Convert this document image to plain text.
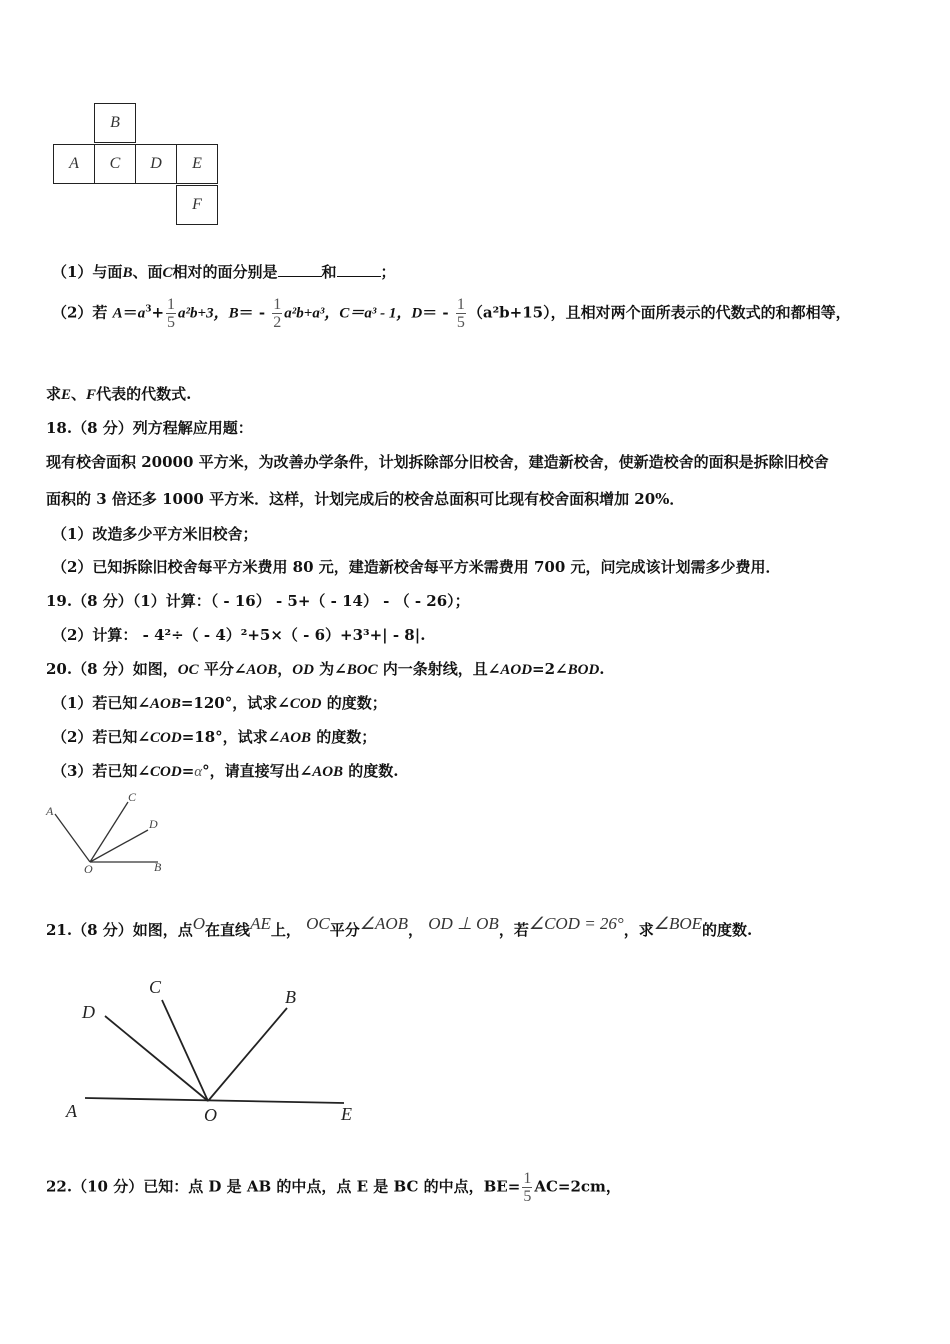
B
A	C	D	E
F
（1）与面B、面C相对的面分别是	和	；
（2）若 $A=a^3+ \frac{1}{5} a^2b+3$，$B= - \frac{1}{2} a^2b+a^3$，C＝a³ - 1，$D= - \frac{1}{5} (a^2b+15)$，且相对两个面所表示的代数式的和都相等，
求E、F代表的代数式.
18.（8 分）列方程解应用题：
现有校舍面积 20000 平方米，为改善办学条件，计划拆除部分旧校舍，建造新校舍，使新造校舍的面积是拆除旧校舍
面积的 3 倍还多 1000 平方米．这样，计划完成后的校舍总面积可比现有校舍面积增加 20%．
（1）改造多少平方米旧校舍；
（2）已知拆除旧校舍每平方米费用 80 元，建造新校舍每平方米需费用 700 元，问完成该计划需多少费用．
19.（8 分）（1）计算：（ - 16） - 5+（ - 14） - （ - 26）；
（2）计算： - 4²÷（ - 4）²+5×（ - 6）+3³+| - 8|.
20.（8 分）如图，OC 平分∠AOB，OD 为∠BOC 内一条射线，且∠AOD=2∠BOD.
（1）若已知∠AOB=120°，试求∠COD 的度数；
（2）若已知∠COD=18°，试求∠AOB 的度数；
（3）若已知∠COD=α°，请直接写出∠AOB 的度数.
A
C
D
O	B
21.（8 分）如图，点O在直线AE上， OC平分∠AOB， OD ⊥ OB，若∠COD = 26°，求∠BOE的度数.
C
D
B
A	O	E
22.（10 分）已知：点 D 是 AB 的中点，点 E 是 BC 的中点，$BE= \frac{1}{5} AC=2cm$，
